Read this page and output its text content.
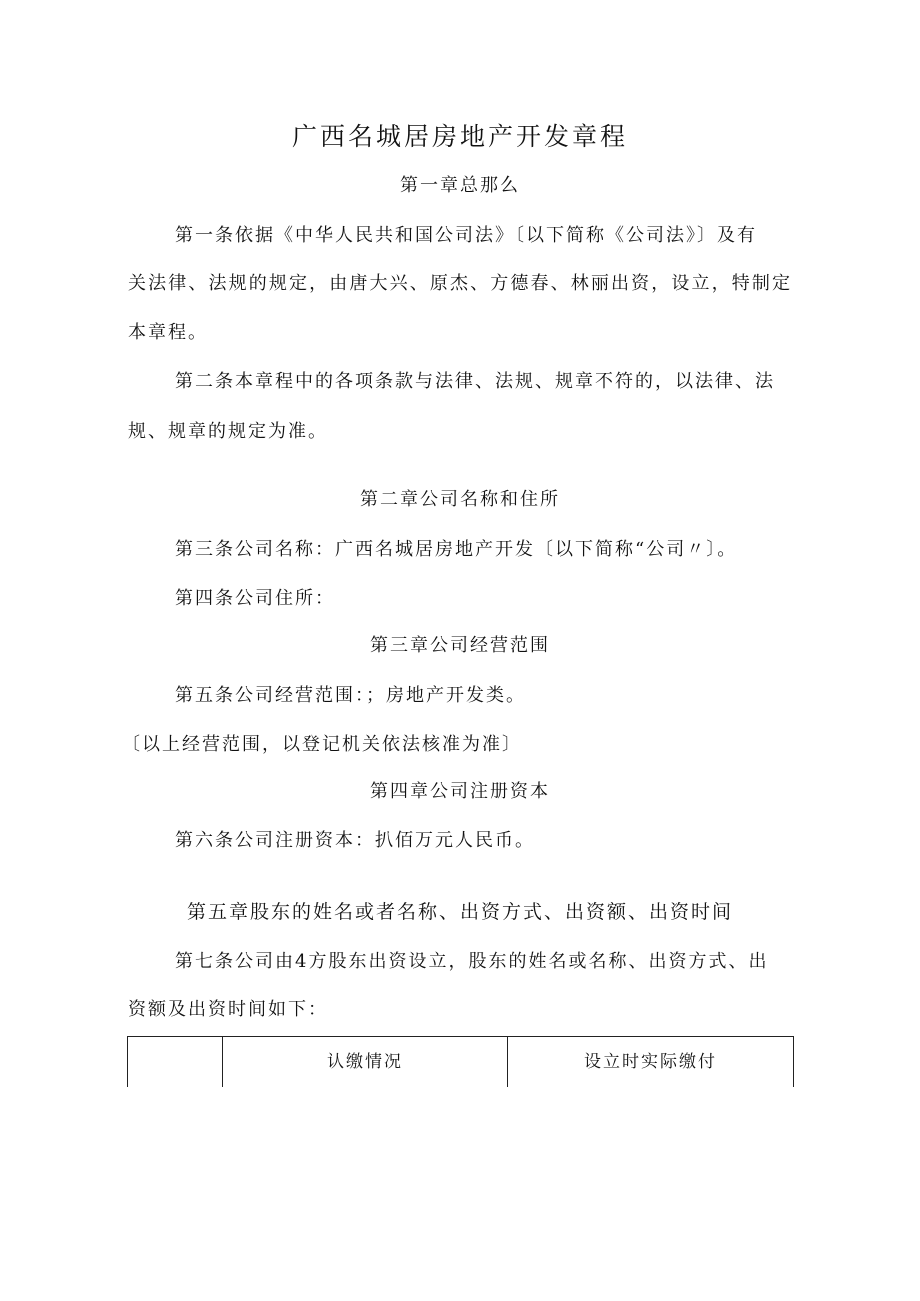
广西名城居房地产开发章程
第一章总那么
第一条依据《中华人民共和国公司法》〔以下简称《公司法》〕及有
关法律、法规的规定，由唐大兴、原杰、方德春、林丽出资，设立，特制定
本章程。
第二条本章程中的各项条款与法律、法规、规章不符的，以法律、法
规、规章的规定为准。
第二章公司名称和住所
第三条公司名称：广西名城居房地产开发〔以下简称“公司〃〕。
第四条公司住所：
第三章公司经营范围
第五条公司经营范围：；房地产开发类。
〔以上经营范围，以登记机关依法核准为准〕
第四章公司注册资本
第六条公司注册资本：扒佰万元人民币。
第五章股东的姓名或者名称、出资方式、出资额、出资时间
第七条公司由4方股东出资设立，股东的姓名或名称、出资方式、出
资额及出资时间如下：
认缴情况	设立时实际缴付
